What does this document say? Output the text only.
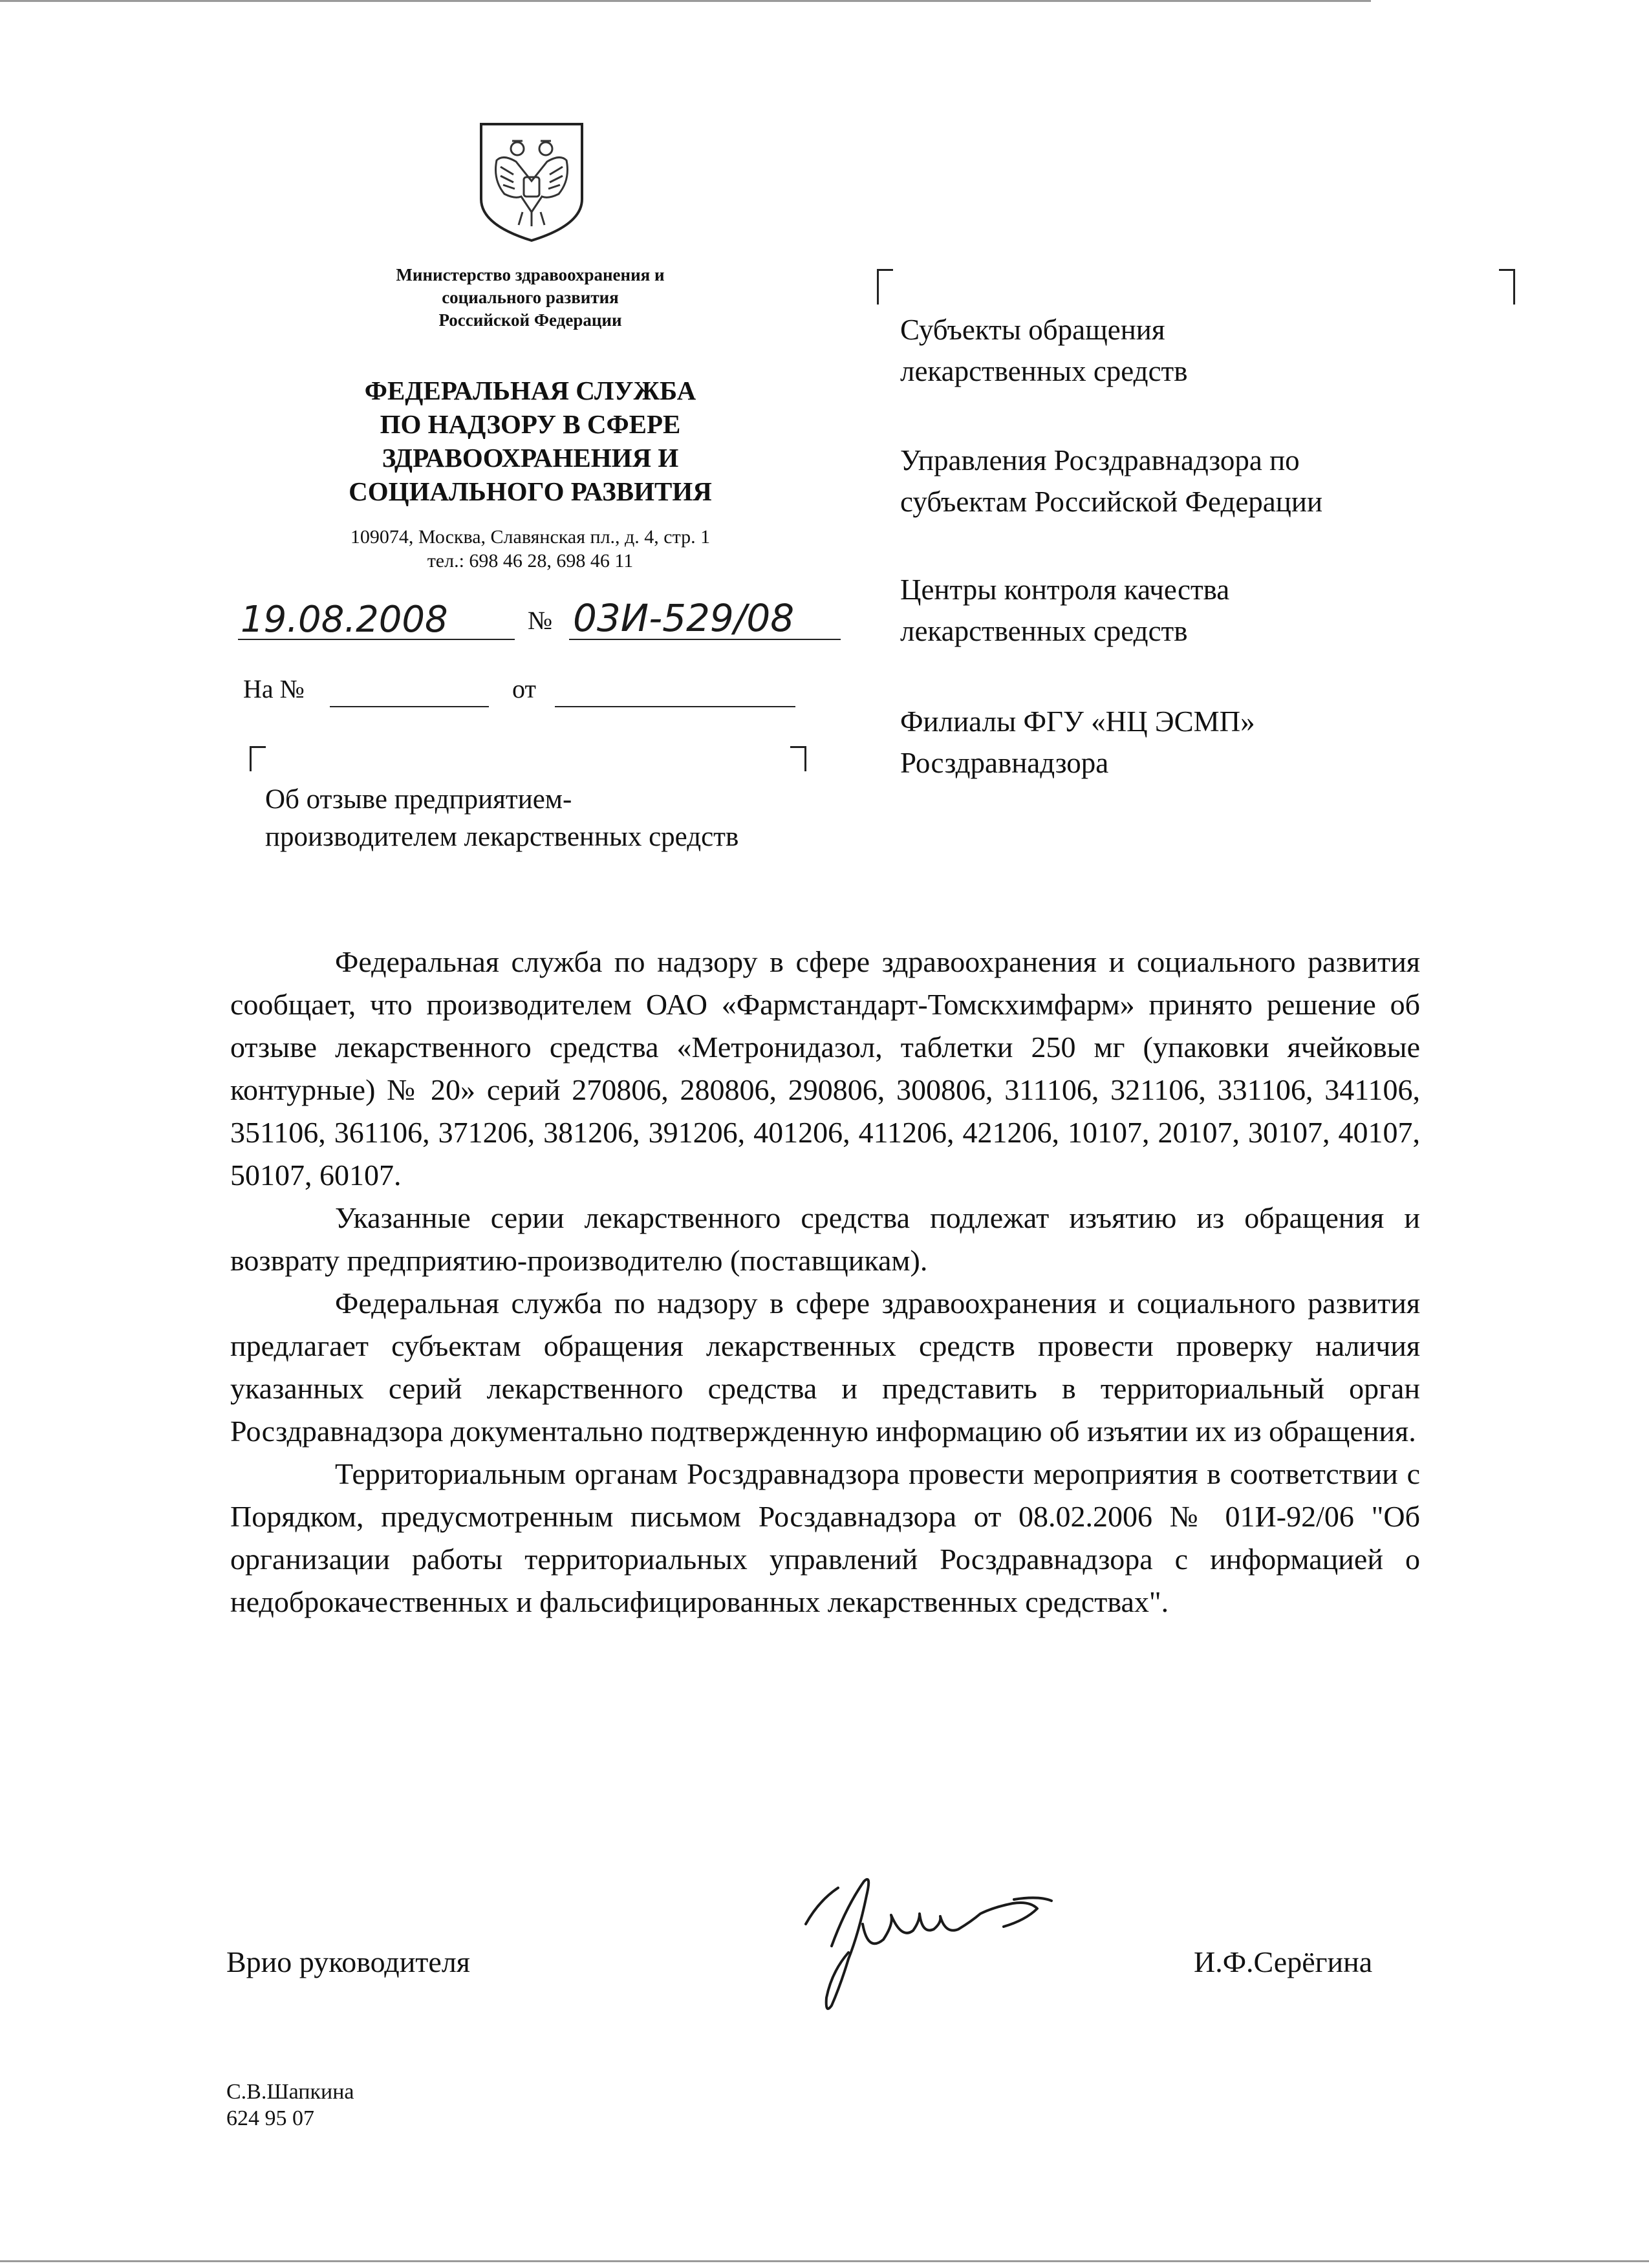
Министерство здравоохранения и
социального развития
Российской Федерации
ФЕДЕРАЛЬНАЯ СЛУЖБА
ПО НАДЗОРУ В СФЕРЕ
ЗДРАВООХРАНЕНИЯ И
СОЦИАЛЬНОГО РАЗВИТИЯ
109074, Москва, Славянская пл., д. 4, стр. 1
тел.: 698 46 28, 698 46 11
19.08.2008	№ 03И-529/08
На №	от
Об отзыве предприятием-
производителем лекарственных средств
Субъекты обращения
лекарственных средств
Управления Росздравнадзора по
субъектам Российской Федерации
Центры контроля качества
лекарственных средств
Филиалы ФГУ «НЦ ЭСМП»
Росздравнадзора

Федеральная служба по надзору в сфере здравоохранения и социального развития сообщает, что производителем ОАО «Фармстандарт-Томскхимфарм» принято решение об отзыве лекарственного средства «Метронидазол, таблетки 250 мг (упаковки ячейковые контурные) № 20» серий 270806, 280806, 290806, 300806, 311106, 321106, 331106, 341106, 351106, 361106, 371206, 381206, 391206, 401206, 411206, 421206, 10107, 20107, 30107, 40107, 50107, 60107.

Указанные серии лекарственного средства подлежат изъятию из обращения и возврату предприятию-производителю (поставщикам).

Федеральная служба по надзору в сфере здравоохранения и социального развития предлагает субъектам обращения лекарственных средств провести проверку наличия указанных серий лекарственного средства и представить в территориальный орган Росздравнадзора документально подтвержденную информацию об изъятии их из обращения.

Территориальным органам Росздравнадзора провести мероприятия в соответствии с Порядком, предусмотренным письмом Росздавнадзора от 08.02.2006 № 01И-92/06 "Об организации работы территориальных управлений Росздравнадзора с информацией о недоброкачественных и фальсифицированных лекарственных средствах".

Врио руководителя	И.Ф.Серёгина
С.В.Шапкина
624 95 07
